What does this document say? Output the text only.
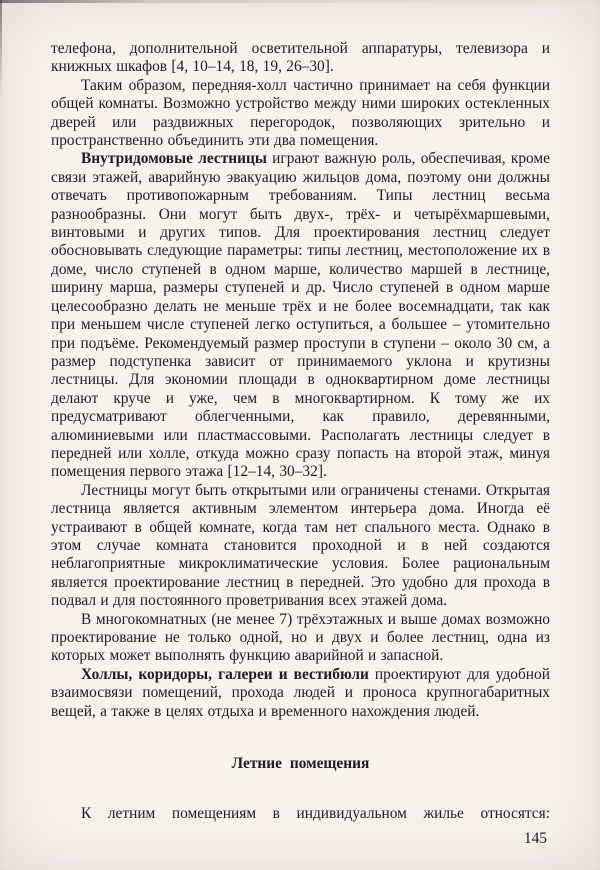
телефона, дополнительной осветительной аппаратуры, телевизора и книжных шкафов [4, 10–14, 18, 19, 26–30].

Таким образом, передняя-холл частично принимает на себя функции общей комнаты. Возможно устройство между ними широких остекленных дверей или раздвижных перегородок, позволяющих зрительно и пространственно объединить эти два помещения.

Внутридомовые лестницы играют важную роль, обеспечивая, кроме связи этажей, аварийную эвакуацию жильцов дома, поэтому они должны отвечать противопожарным требованиям. Типы лестниц весьма разнообразны. Они могут быть двух-, трёх- и четырёхмаршевыми, винтовыми и других типов. Для проектирования лестниц следует обосновывать следующие параметры: типы лестниц, местоположение их в доме, число ступеней в одном марше, количество маршей в лестнице, ширину марша, размеры ступеней и др. Число ступеней в одном марше целесообразно делать не меньше трёх и не более восемнадцати, так как при меньшем числе ступеней легко оступиться, а большее – утомительно при подъёме. Рекомендуемый размер проступи в ступени – около 30 см, а размер подступенка зависит от принимаемого уклона и крутизны лестницы. Для экономии площади в одноквартирном доме лестницы делают круче и уже, чем в многоквартирном. К тому же их предусматривают облегченными, как правило, деревянными, алюминиевыми или пластмассовыми. Располагать лестницы следует в передней или холле, откуда можно сразу попасть на второй этаж, минуя помещения первого этажа [12–14, 30–32].

Лестницы могут быть открытыми или ограничены стенами. Открытая лестница является активным элементом интерьера дома. Иногда её устраивают в общей комнате, когда там нет спального места. Однако в этом случае комната становится проходной и в ней создаются неблагоприятные микроклиматические условия. Более рациональным является проектирование лестниц в передней. Это удобно для прохода в подвал и для постоянного проветривания всех этажей дома.

В многокомнатных (не менее 7) трёхэтажных и выше домах возможно проектирование не только одной, но и двух и более лестниц, одна из которых может выполнять функцию аварийной и запасной.

Холлы, коридоры, галереи и вестибюли проектируют для удобной взаимосвязи помещений, прохода людей и проноса крупногабаритных вещей, а также в целях отдыха и временного нахождения людей.

Летние помещения

К летним помещениям в индивидуальном жилье относятся:

145
